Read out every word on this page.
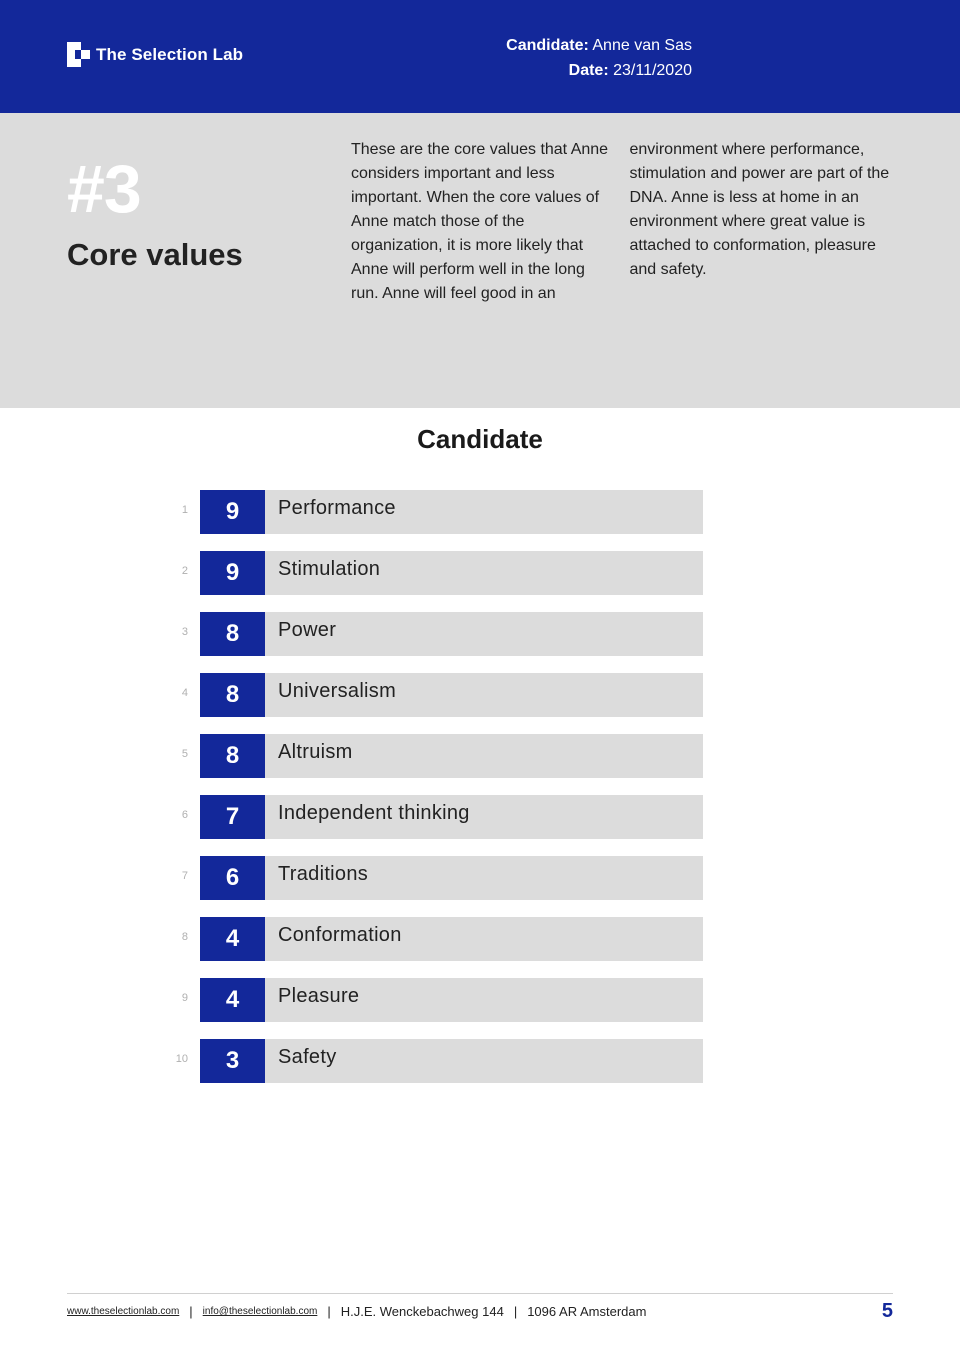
The Selection Lab	Candidate: Anne van Sas
Date: 23/11/2020
#3
Core values

These are the core values that Anne considers important and less important. When the core values of Anne match those of the organization, it is more likely that Anne will perform well in the long run. Anne will feel good in an environment where performance, stimulation and power are part of the DNA. Anne is less at home in an environment where great value is attached to conformation, pleasure and safety.

Candidate
1	9	Performance
2	9	Stimulation
3	8	Power
4	8	Universalism
5	8	Altruism
6	7	Independent thinking
7	6	Traditions
8	4	Conformation
9	4	Pleasure
10	3	Safety
www.theselectionlab.com | info@theselectionlab.com | H.J.E. Wenckebachweg 144 | 1096 AR Amsterdam	5
